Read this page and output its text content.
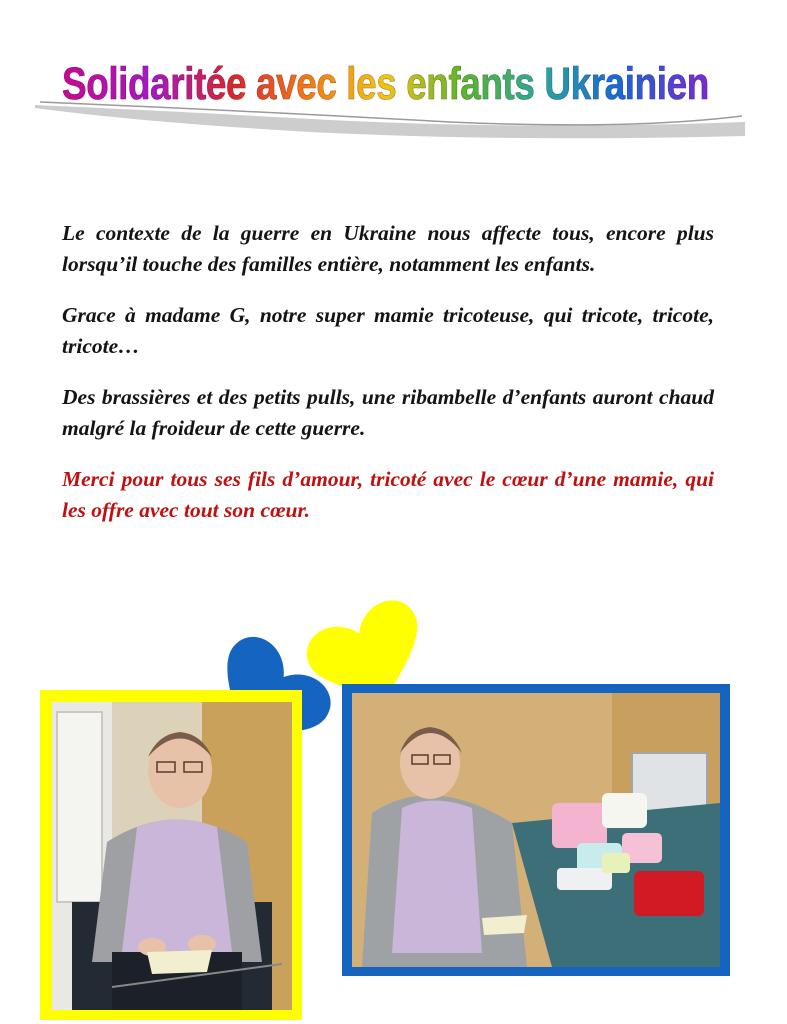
Solidaritée avec les enfants Ukrainien

Le contexte de la guerre en Ukraine nous affecte tous, encore plus lorsqu’il touche des familles entière, notamment les enfants.

Grace à madame G, notre super mamie tricoteuse, qui tricote, tricote, tricote…

Des brassières et des petits pulls, une ribambelle d’enfants auront chaud malgré la froideur de cette guerre.

Merci pour tous ses fils d’amour, tricoté avec le cœur d’une mamie, qui les offre avec tout son cœur.
